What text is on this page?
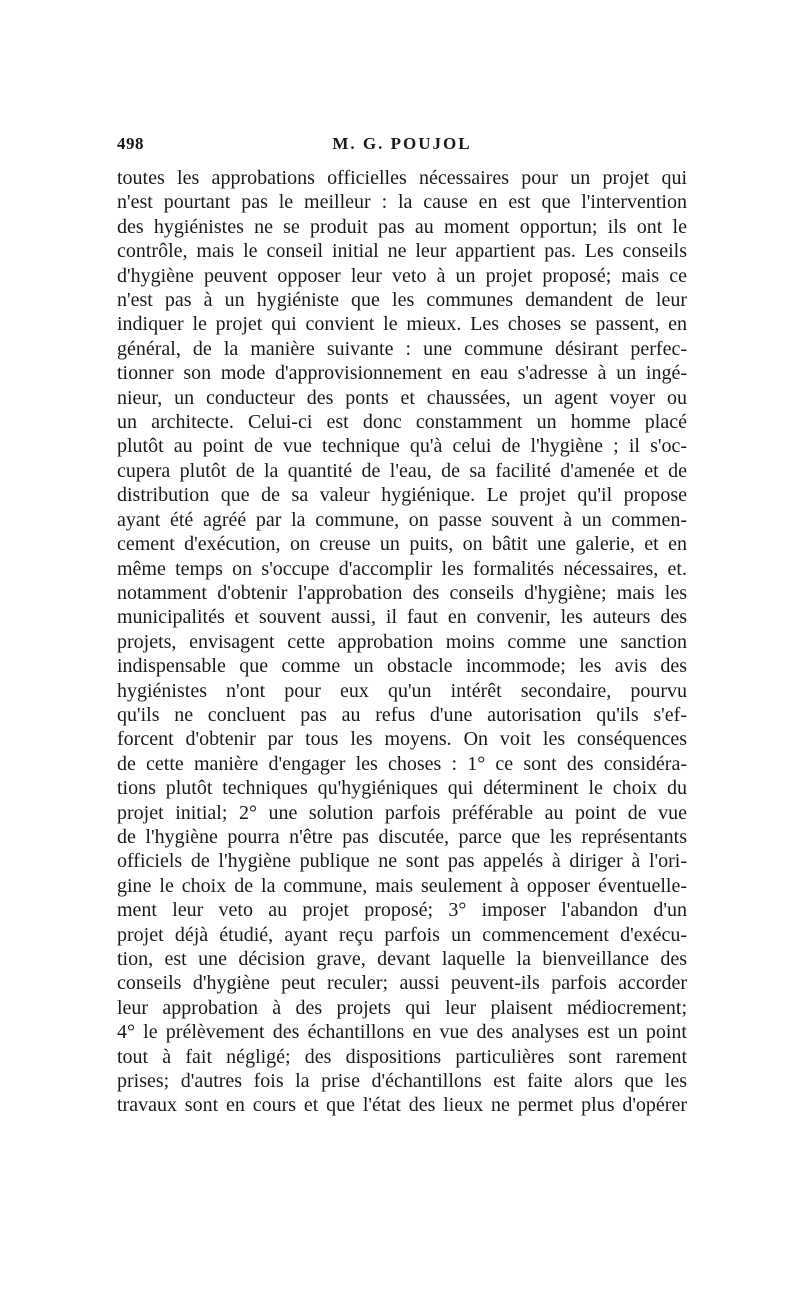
498	M. G. POUJOL
toutes les approbations officielles nécessaires pour un projet qui
n'est pourtant pas le meilleur : la cause en est que l'intervention
des hygiénistes ne se produit pas au moment opportun; ils ont le
contrôle, mais le conseil initial ne leur appartient pas. Les conseils
d'hygiène peuvent opposer leur veto à un projet proposé; mais ce
n'est pas à un hygiéniste que les communes demandent de leur
indiquer le projet qui convient le mieux. Les choses se passent, en
général, de la manière suivante : une commune désirant perfec-
tionner son mode d'approvisionnement en eau s'adresse à un ingé-
nieur, un conducteur des ponts et chaussées, un agent voyer ou
un architecte. Celui-ci est donc constamment un homme placé
plutôt au point de vue technique qu'à celui de l'hygiène ; il s'oc-
cupera plutôt de la quantité de l'eau, de sa facilité d'amenée et de
distribution que de sa valeur hygiénique. Le projet qu'il propose
ayant été agréé par la commune, on passe souvent à un commen-
cement d'exécution, on creuse un puits, on bâtit une galerie, et en
même temps on s'occupe d'accomplir les formalités nécessaires, et.
notamment d'obtenir l'approbation des conseils d'hygiène; mais les
municipalités et souvent aussi, il faut en convenir, les auteurs des
projets, envisagent cette approbation moins comme une sanction
indispensable que comme un obstacle incommode; les avis des
hygiénistes n'ont pour eux qu'un intérêt secondaire, pourvu
qu'ils ne concluent pas au refus d'une autorisation qu'ils s'ef-
forcent d'obtenir par tous les moyens. On voit les conséquences
de cette manière d'engager les choses : 1° ce sont des considéra-
tions plutôt techniques qu'hygiéniques qui déterminent le choix du
projet initial; 2° une solution parfois préférable au point de vue
de l'hygiène pourra n'être pas discutée, parce que les représentants
officiels de l'hygiène publique ne sont pas appelés à diriger à l'ori-
gine le choix de la commune, mais seulement à opposer éventuelle-
ment leur veto au projet proposé; 3° imposer l'abandon d'un
projet déjà étudié, ayant reçu parfois un commencement d'exécu-
tion, est une décision grave, devant laquelle la bienveillance des
conseils d'hygiène peut reculer; aussi peuvent-ils parfois accorder
leur approbation à des projets qui leur plaisent médiocrement;
4° le prélèvement des échantillons en vue des analyses est un point
tout à fait négligé; des dispositions particulières sont rarement
prises; d'autres fois la prise d'échantillons est faite alors que les
travaux sont en cours et que l'état des lieux ne permet plus d'opérer
